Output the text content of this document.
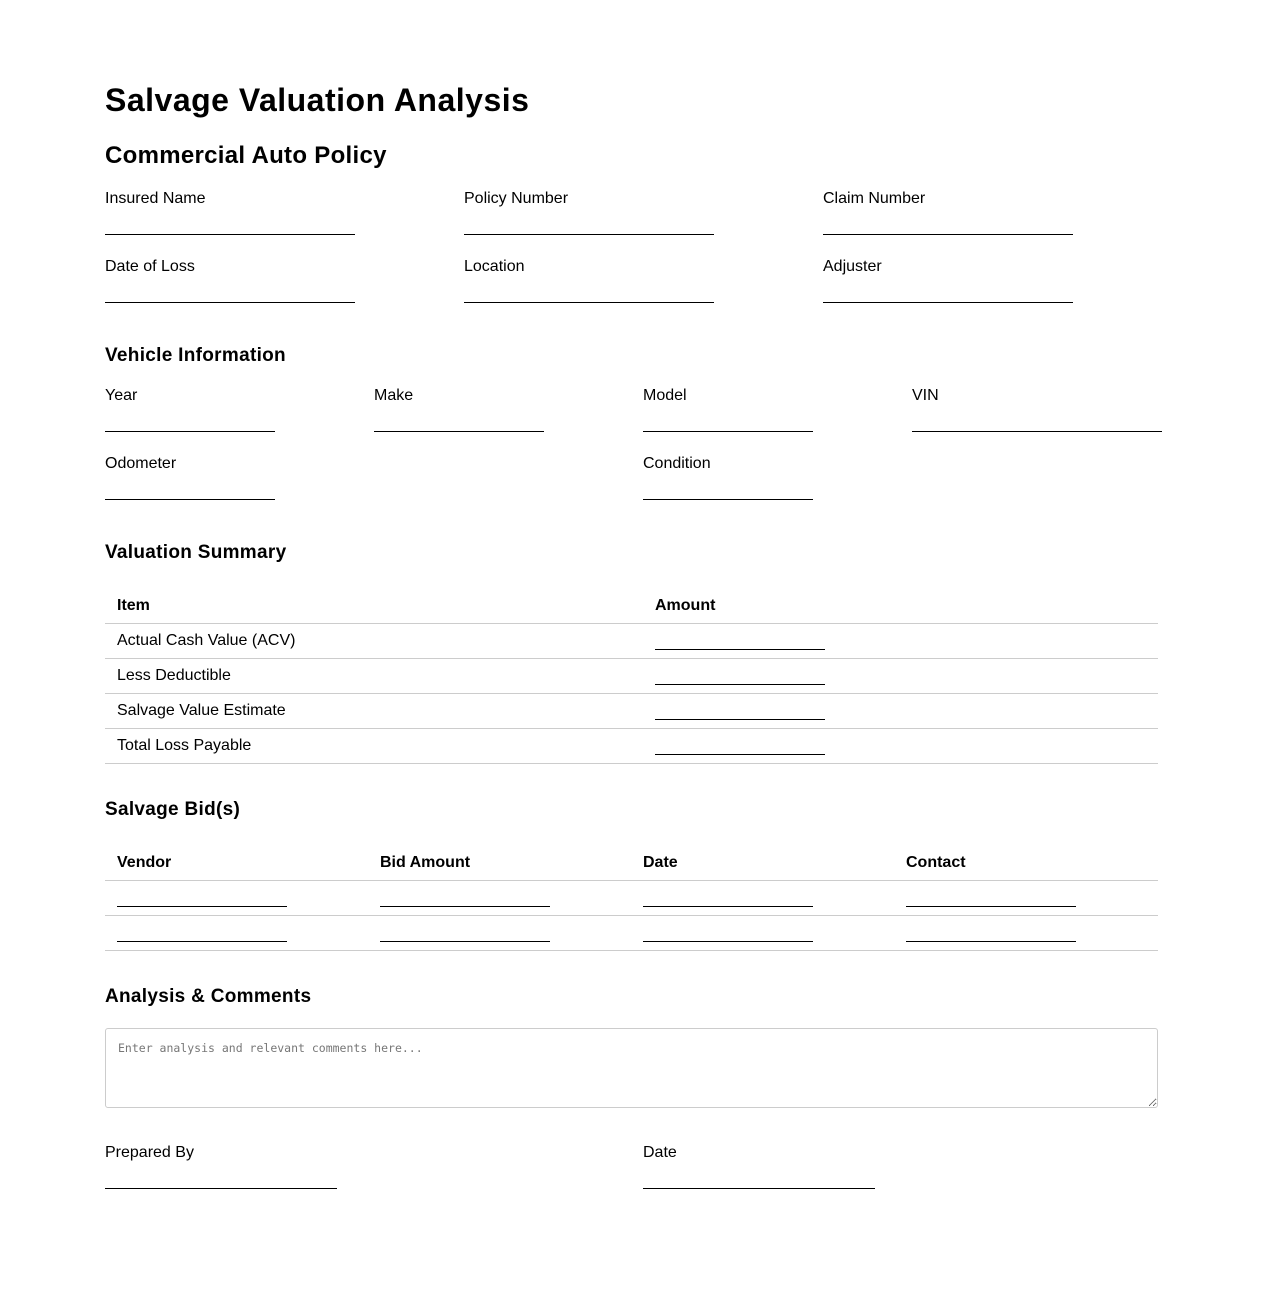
Salvage Valuation Analysis
Commercial Auto Policy
Insured Name	Policy Number	Claim Number
Date of Loss	Location	Adjuster
Vehicle Information
Year	Make	Model	VIN
Odometer	Condition
Valuation Summary
Item	Amount
Actual Cash Value (ACV)	
Less Deductible	
Salvage Value Estimate	
Total Loss Payable	
Salvage Bid(s)
Vendor	Bid Amount	Date	Contact

Analysis & Comments
Enter analysis and relevant comments here...
Prepared By	Date
